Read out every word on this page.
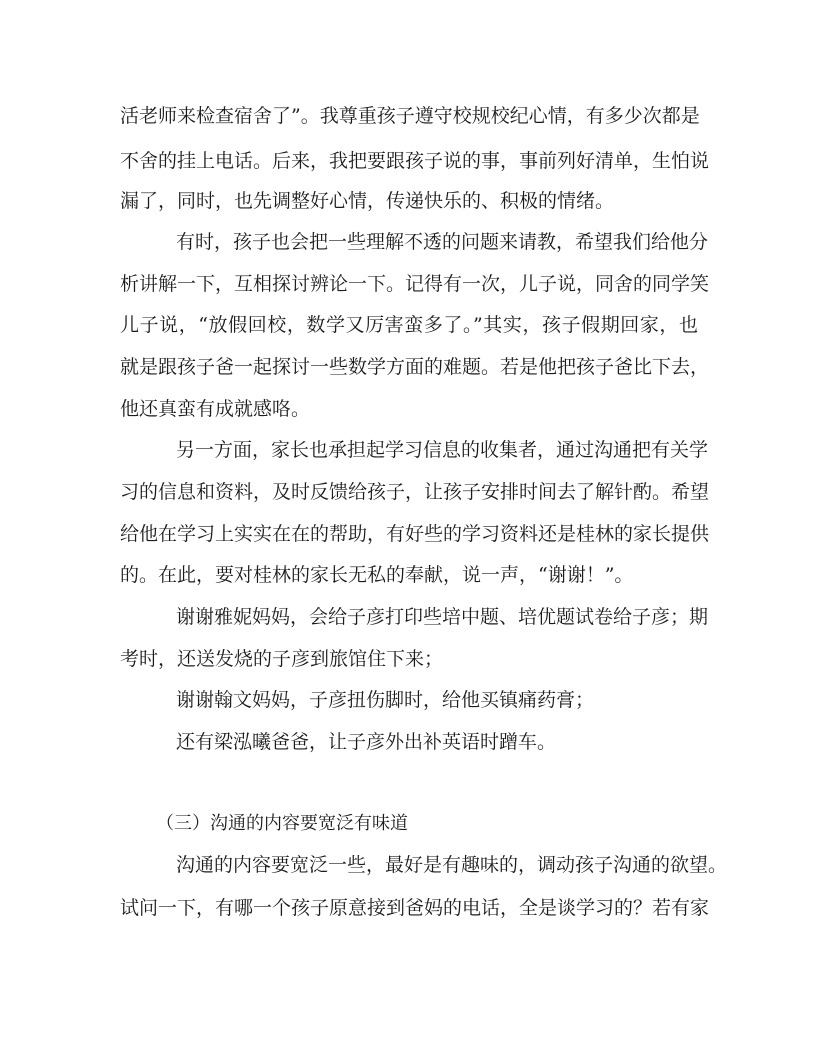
活老师来检查宿舍了”。我尊重孩子遵守校规校纪心情，有多少次都是

不舍的挂上电话。后来，我把要跟孩子说的事，事前列好清单，生怕说

漏了，同时，也先调整好心情，传递快乐的、积极的情绪。

有时，孩子也会把一些理解不透的问题来请教，希望我们给他分

析讲解一下，互相探讨辨论一下。记得有一次，儿子说，同舍的同学笑

儿子说，“放假回校，数学又厉害蛮多了。”其实，孩子假期回家，也

就是跟孩子爸一起探讨一些数学方面的难题。若是他把孩子爸比下去，

他还真蛮有成就感咯。

另一方面，家长也承担起学习信息的收集者，通过沟通把有关学

习的信息和资料，及时反馈给孩子，让孩子安排时间去了解针酌。希望

给他在学习上实实在在的帮助，有好些的学习资料还是桂林的家长提供

的。在此，要对桂林的家长无私的奉献，说一声，“谢谢！”。

谢谢雅妮妈妈，会给子彦打印些培中题、培优题试卷给子彦；期

考时，还送发烧的子彦到旅馆住下来；

谢谢翰文妈妈，子彦扭伤脚时，给他买镇痛药膏；

还有梁泓曦爸爸，让子彦外出补英语时蹭车。

（三）沟通的内容要宽泛有味道

沟通的内容要宽泛一些，最好是有趣味的，调动孩子沟通的欲望。

试问一下，有哪一个孩子原意接到爸妈的电话，全是谈学习的？若有家
